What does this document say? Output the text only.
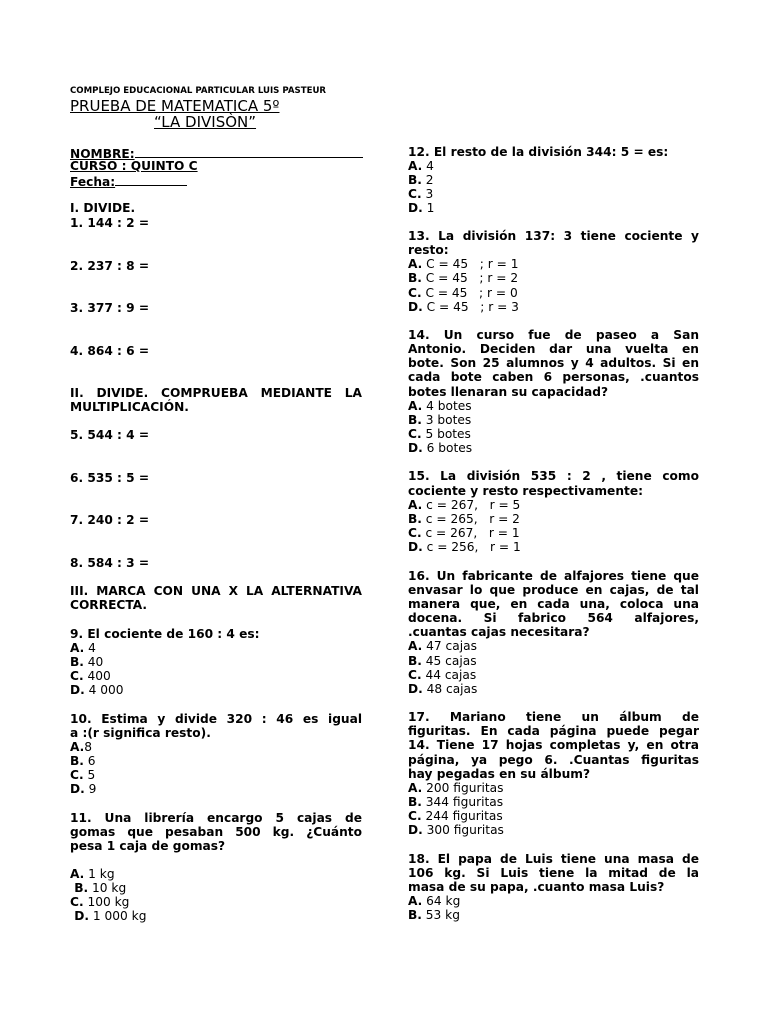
COMPLEJO EDUCACIONAL PARTICULAR LUIS PASTEUR
PRUEBA DE MATEMATICA 5º
“LA DIVISÒN”
NOMBRE:
CURSO : QUINTO C
Fecha:
I. DIVIDE.
1. 144 : 2 =
2. 237 : 8 =
3. 377 : 9 =
4. 864 : 6 =
II. DIVIDE. COMPRUEBA MEDIANTE LA
MULTIPLICACIÓN.
5. 544 : 4 =
6. 535 : 5 =
7. 240 : 2 =
8. 584 : 3 =
III. MARCA CON UNA X LA ALTERNATIVA
CORRECTA.
9. El cociente de 160 : 4 es:
A. 4
B. 40
C. 400
D. 4 000
10. Estima y divide 320 : 46 es igual
a :(r significa resto).
A.8
B. 6
C. 5
D. 9
11. Una librería encargo 5 cajas de
gomas que pesaban 500 kg. ¿Cuánto
pesa 1 caja de gomas?
A. 1 kg
B. 10 kg
C. 100 kg
D. 1 000 kg
12. El resto de la división 344: 5 = es:
A. 4
B. 2
C. 3
D. 1
13. La división 137: 3 tiene cociente y
resto:
A. C = 45   ; r = 1
B. C = 45   ; r = 2
C. C = 45   ; r = 0
D. C = 45   ; r = 3
14. Un curso fue de paseo a San
Antonio. Deciden dar una vuelta en
bote. Son 25 alumnos y 4 adultos. Si en
cada bote caben 6 personas, .cuantos
botes llenaran su capacidad?
A. 4 botes
B. 3 botes
C. 5 botes
D. 6 botes
15. La división 535 : 2 , tiene como
cociente y resto respectivamente:
A. c = 267,   r = 5
B. c = 265,   r = 2
C. c = 267,   r = 1
D. c = 256,   r = 1
16. Un fabricante de alfajores tiene que
envasar lo que produce en cajas, de tal
manera que, en cada una, coloca una
docena. Si fabrico 564 alfajores,
.cuantas cajas necesitara?
A. 47 cajas
B. 45 cajas
C. 44 cajas
D. 48 cajas
17. Mariano tiene un álbum de
figuritas. En cada página puede pegar
14. Tiene 17 hojas completas y, en otra
página, ya pego 6. .Cuantas figuritas
hay pegadas en su álbum?
A. 200 figuritas
B. 344 figuritas
C. 244 figuritas
D. 300 figuritas
18. El papa de Luis tiene una masa de
106 kg. Si Luis tiene la mitad de la
masa de su papa, .cuanto masa Luis?
A. 64 kg
B. 53 kg
